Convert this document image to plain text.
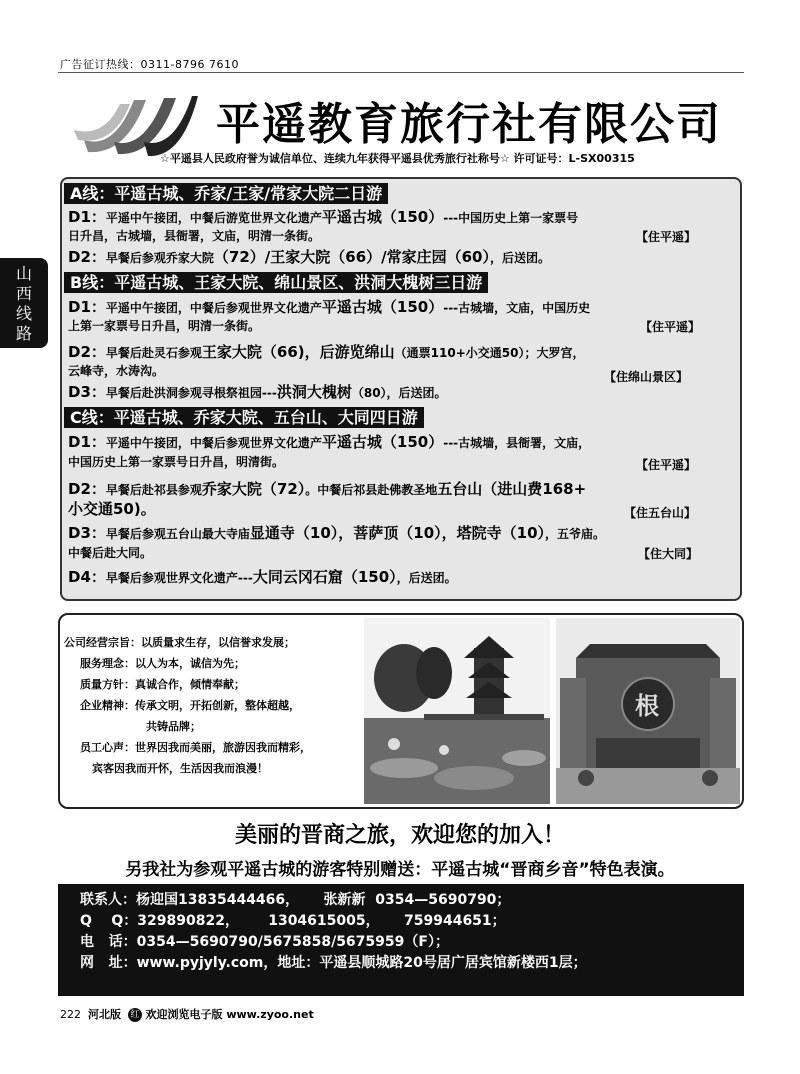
广告征订热线：0311-8796 7610
山
西
线
路
平遥教育旅行社有限公司
☆平遥县人民政府誉为诚信单位、连续九年获得平遥县优秀旅行社称号☆ 许可证号：L-SX00315
A线：平遥古城、乔家/王家/常家大院二日游
D1：平遥中午接团，中餐后游览世界文化遗产平遥古城（150）---中国历史上第一家票号
日升昌，古城墙，县衙署，文庙，明清一条街。	【住平遥】
D2：早餐后参观乔家大院（72）/王家大院（66）/常家庄园（60），后送团。
B线：平遥古城、王家大院、绵山景区、洪洞大槐树三日游
D1：平遥中午接团，中餐后参观世界文化遗产平遥古城（150）---古城墙，文庙，中国历史
上第一家票号日升昌，明清一条街。	【住平遥】
D2：早餐后赴灵石参观王家大院（66)，后游览绵山（通票110+小交通50）；大罗宫，
云峰寺，水涛沟。	【住绵山景区】
D3：早餐后赴洪洞参观寻根祭祖园---洪洞大槐树（80），后送团。
C线：平遥古城、乔家大院、五台山、大同四日游
D1：平遥中午接团，中餐后参观世界文化遗产平遥古城（150）---古城墙，县衙署，文庙，
中国历史上第一家票号日升昌，明清街。	【住平遥】
D2：早餐后赴祁县参观乔家大院（72）。中餐后祁县赴佛教圣地五台山（进山费168+
小交通50)。	【住五台山】
D3：早餐后参观五台山最大寺庙显通寺（10），菩萨顶（10），塔院寺（10），五爷庙。
中餐后赴大同。	【住大同】
D4：早餐后参观世界文化遗产---大同云冈石窟（150），后送团。
公司经营宗旨：以质量求生存，以信誉求发展；
服务理念：以人为本，诚信为先；
质量方针：真诚合作，倾情奉献；
企业精神：传承文明，开拓创新，整体超越，
共铸品牌；
员工心声：世界因我而美丽，旅游因我而精彩，
宾客因我而开怀，生活因我而浪漫！
根
美丽的晋商之旅，欢迎您的加入！
另我社为参观平遥古城的游客特别赠送：平遥古城“晋商乡音”特色表演。
联系人：杨迎国13835444466，     张新新  0354—5690790；
Q    Q：329890822，      1304615005，     759944651；
电   话：0354—5690790/5675858/5675959（F）；
网   址：www.pyjyly.com，地址：平遥县顺城路20号居广居宾馆新楼西1层；
222 河北版 红 欢迎浏览电子版 www.zyoo.net
